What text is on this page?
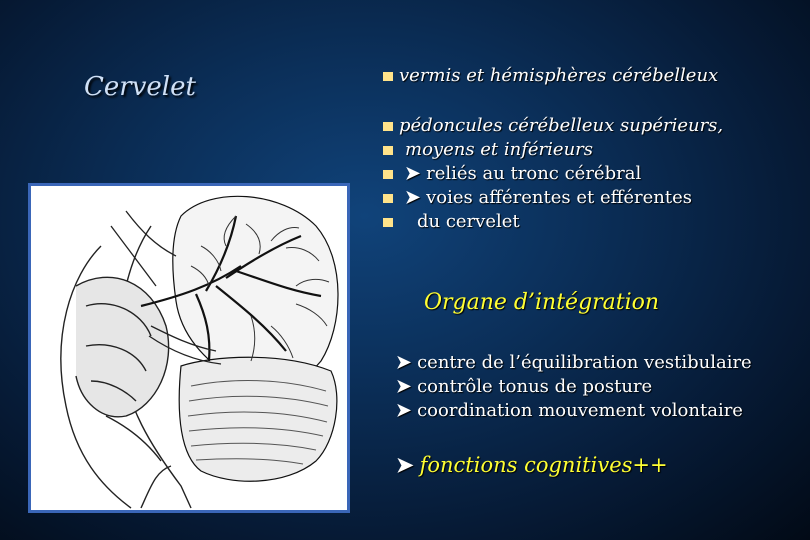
Cervelet	vermis et hémisphères cérébelleux
pédoncules cérébelleux supérieurs,
moyens et inférieurs
➤ reliés au tronc cérébral
➤ voies afférentes et efférentes
du cervelet
Organe d’intégration
➤ centre de l’équilibration vestibulaire
➤ contrôle tonus de posture
➤ coordination mouvement volontaire
➤ fonctions cognitives++
